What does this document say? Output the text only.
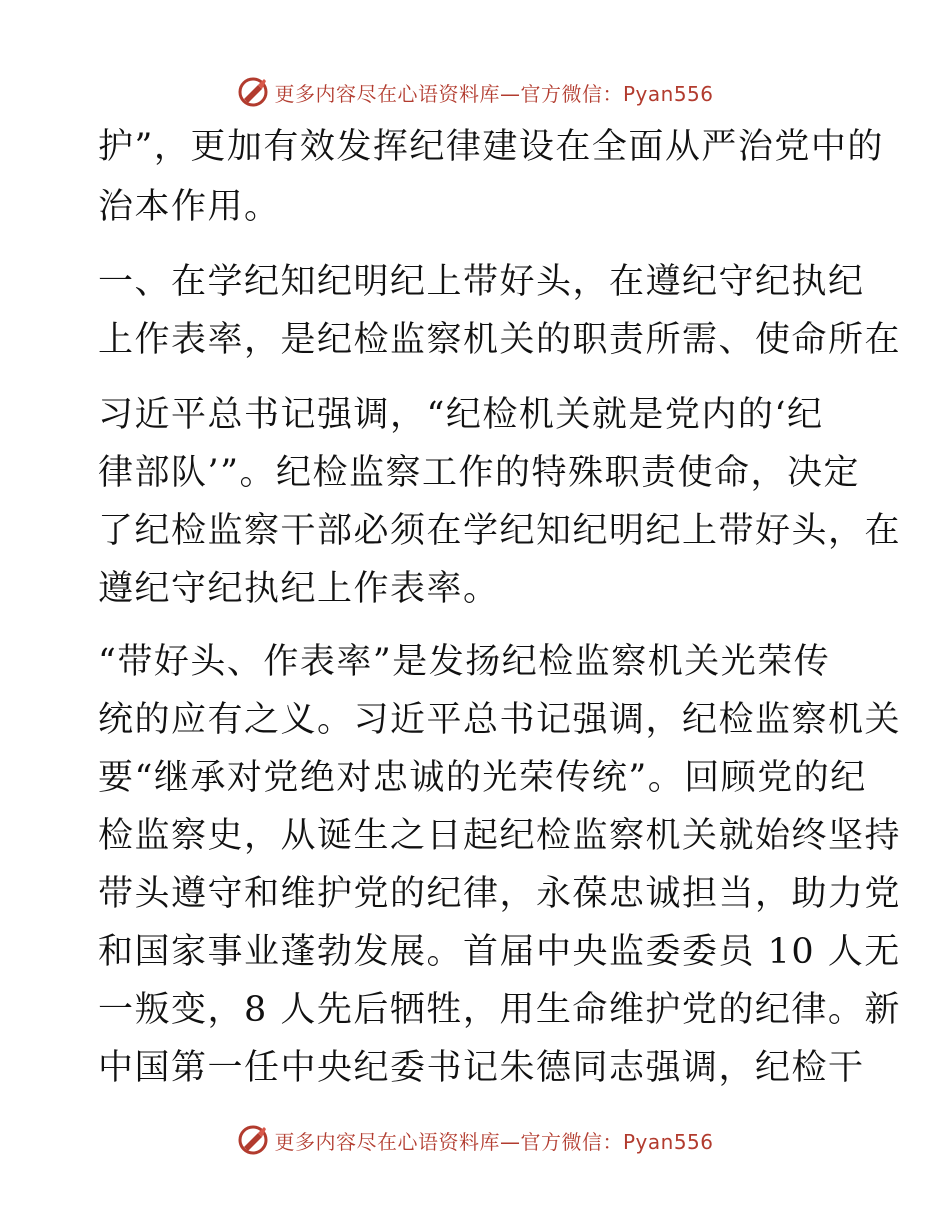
更多内容尽在心语资料库—官方微信：Pyan556
护”，更加有效发挥纪律建设在全面从严治党中的
治本作用。
一、在学纪知纪明纪上带好头，在遵纪守纪执纪
上作表率，是纪检监察机关的职责所需、使命所在
习近平总书记强调，“纪检机关就是党内的‘纪
律部队’”。纪检监察工作的特殊职责使命，决定
了纪检监察干部必须在学纪知纪明纪上带好头，在
遵纪守纪执纪上作表率。
“带好头、作表率”是发扬纪检监察机关光荣传
统的应有之义。习近平总书记强调，纪检监察机关
要“继承对党绝对忠诚的光荣传统”。回顾党的纪
检监察史，从诞生之日起纪检监察机关就始终坚持
带头遵守和维护党的纪律，永葆忠诚担当，助力党
和国家事业蓬勃发展。首届中央监委委员 10 人无
一叛变，8 人先后牺牲，用生命维护党的纪律。新
中国第一任中央纪委书记朱德同志强调，纪检干
更多内容尽在心语资料库—官方微信：Pyan556
